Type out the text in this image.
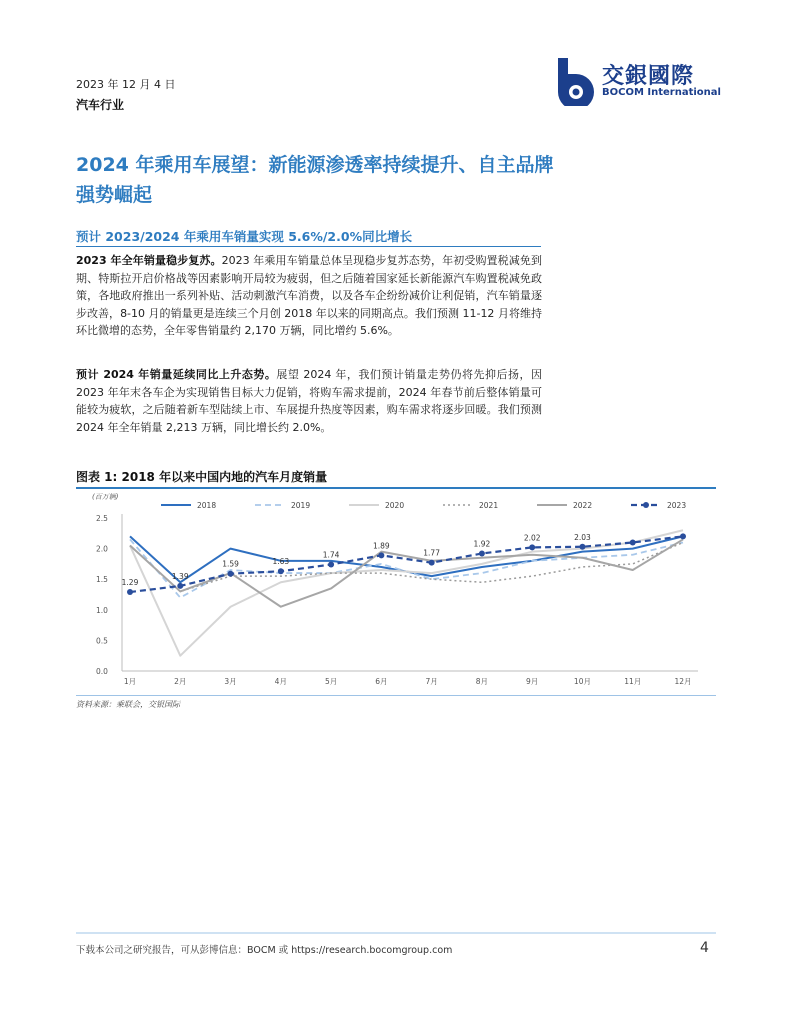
2023 年 12 月 4 日
汽车行业
交銀國際
BOCOM International
2024 年乘用车展望：新能源渗透率持续提升、自主品牌强势崛起
预计 2023/2024 年乘用车销量实现 5.6%/2.0%同比增长
2023 年全年销量稳步复苏。2023 年乘用车销量总体呈现稳步复苏态势，年初受购置税减免到期、特斯拉开启价格战等因素影响开局较为疲弱，但之后随着国家延长新能源汽车购置税减免政策，各地政府推出一系列补贴、活动刺激汽车消费，以及各车企纷纷减价让利促销，汽车销量逐步改善，8-10 月的销量更是连续三个月创 2018 年以来的同期高点。我们预测 11-12 月将维持环比微增的态势，全年零售销量约 2,170 万辆，同比增约 5.6%。
预计 2024 年销量延续同比上升态势。展望 2024 年，我们预计销量走势仍将先抑后扬，因 2023 年年末各车企为实现销售目标大力促销，将购车需求提前，2024 年春节前后整体销量可能较为疲软，之后随着新车型陆续上市、车展提升热度等因素，购车需求将逐步回暖。我们预测 2024 年全年销量 2,213 万辆，同比增长约 2.0%。
图表 1: 2018 年以来中国内地的汽车月度销量
(百万辆)
0.0
0.5
1.0
1.5
2.0
2.5
1月	2月	3月	4月	5月	6月	7月	8月	9月	10月	11月	12月
2018	2019	2020	2021	2022	2023
1.29
1.39
1.59	1.63
1.74
1.89
1.77
1.92
2.02	2.03
资料来源：乘联会，交银国际
下载本公司之研究报告，可从彭博信息：BOCM 或 https://research.bocomgroup.com	4
